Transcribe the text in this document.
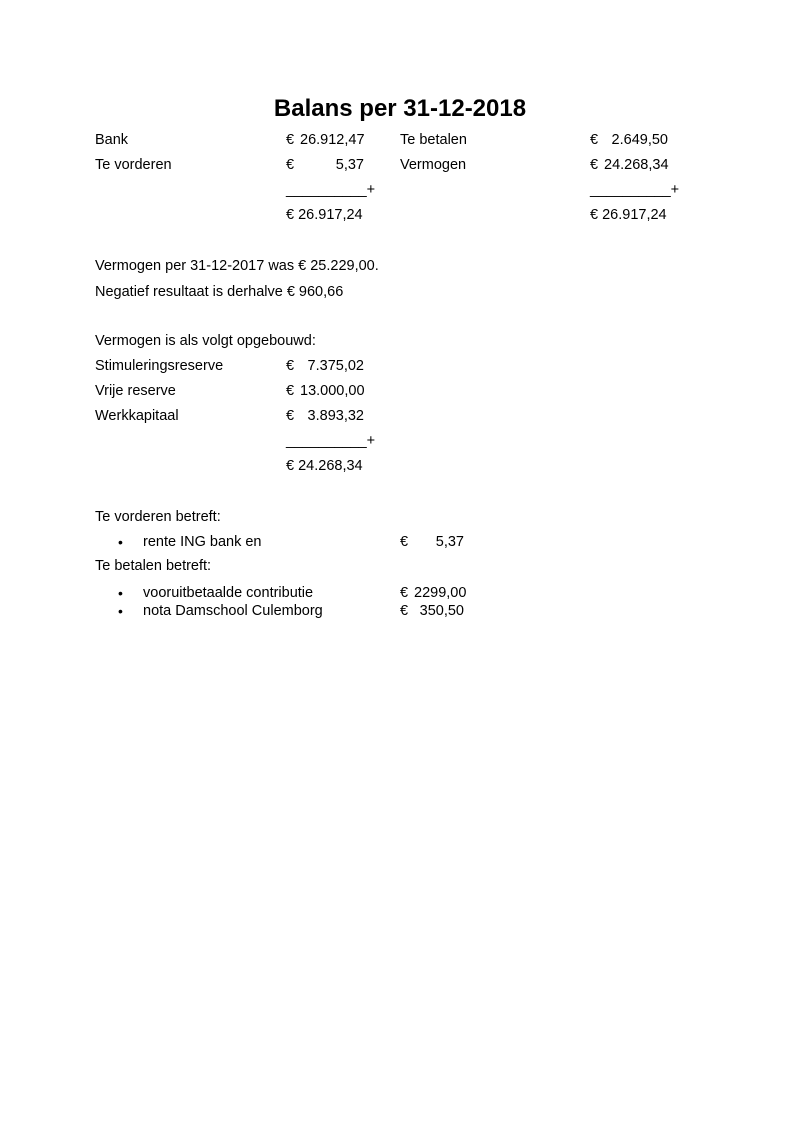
Balans per 31-12-2018
Bank	€ 26.912,47 Te betalen	€ 2.649,50
Te vorderen	€	5,37 Vermogen	€ 24.268,34
__________+	__________+
€ 26.917,24	€ 26.917,24
Vermogen per 31-12-2017 was € 25.229,00.
Negatief resultaat is derhalve € 960,66
Vermogen is als volgt opgebouwd:
Stimuleringsreserve	€ 7.375,02
Vrije reserve	€ 13.000,00
Werkkapitaal	€ 3.893,32
__________+
€ 24.268,34
Te vorderen betreft:
• rente ING bank en	€ 5,37
Te betalen betreft:
• vooruitbetaalde contributie	€ 2299,00
• nota Damschool Culemborg	€ 350,50
